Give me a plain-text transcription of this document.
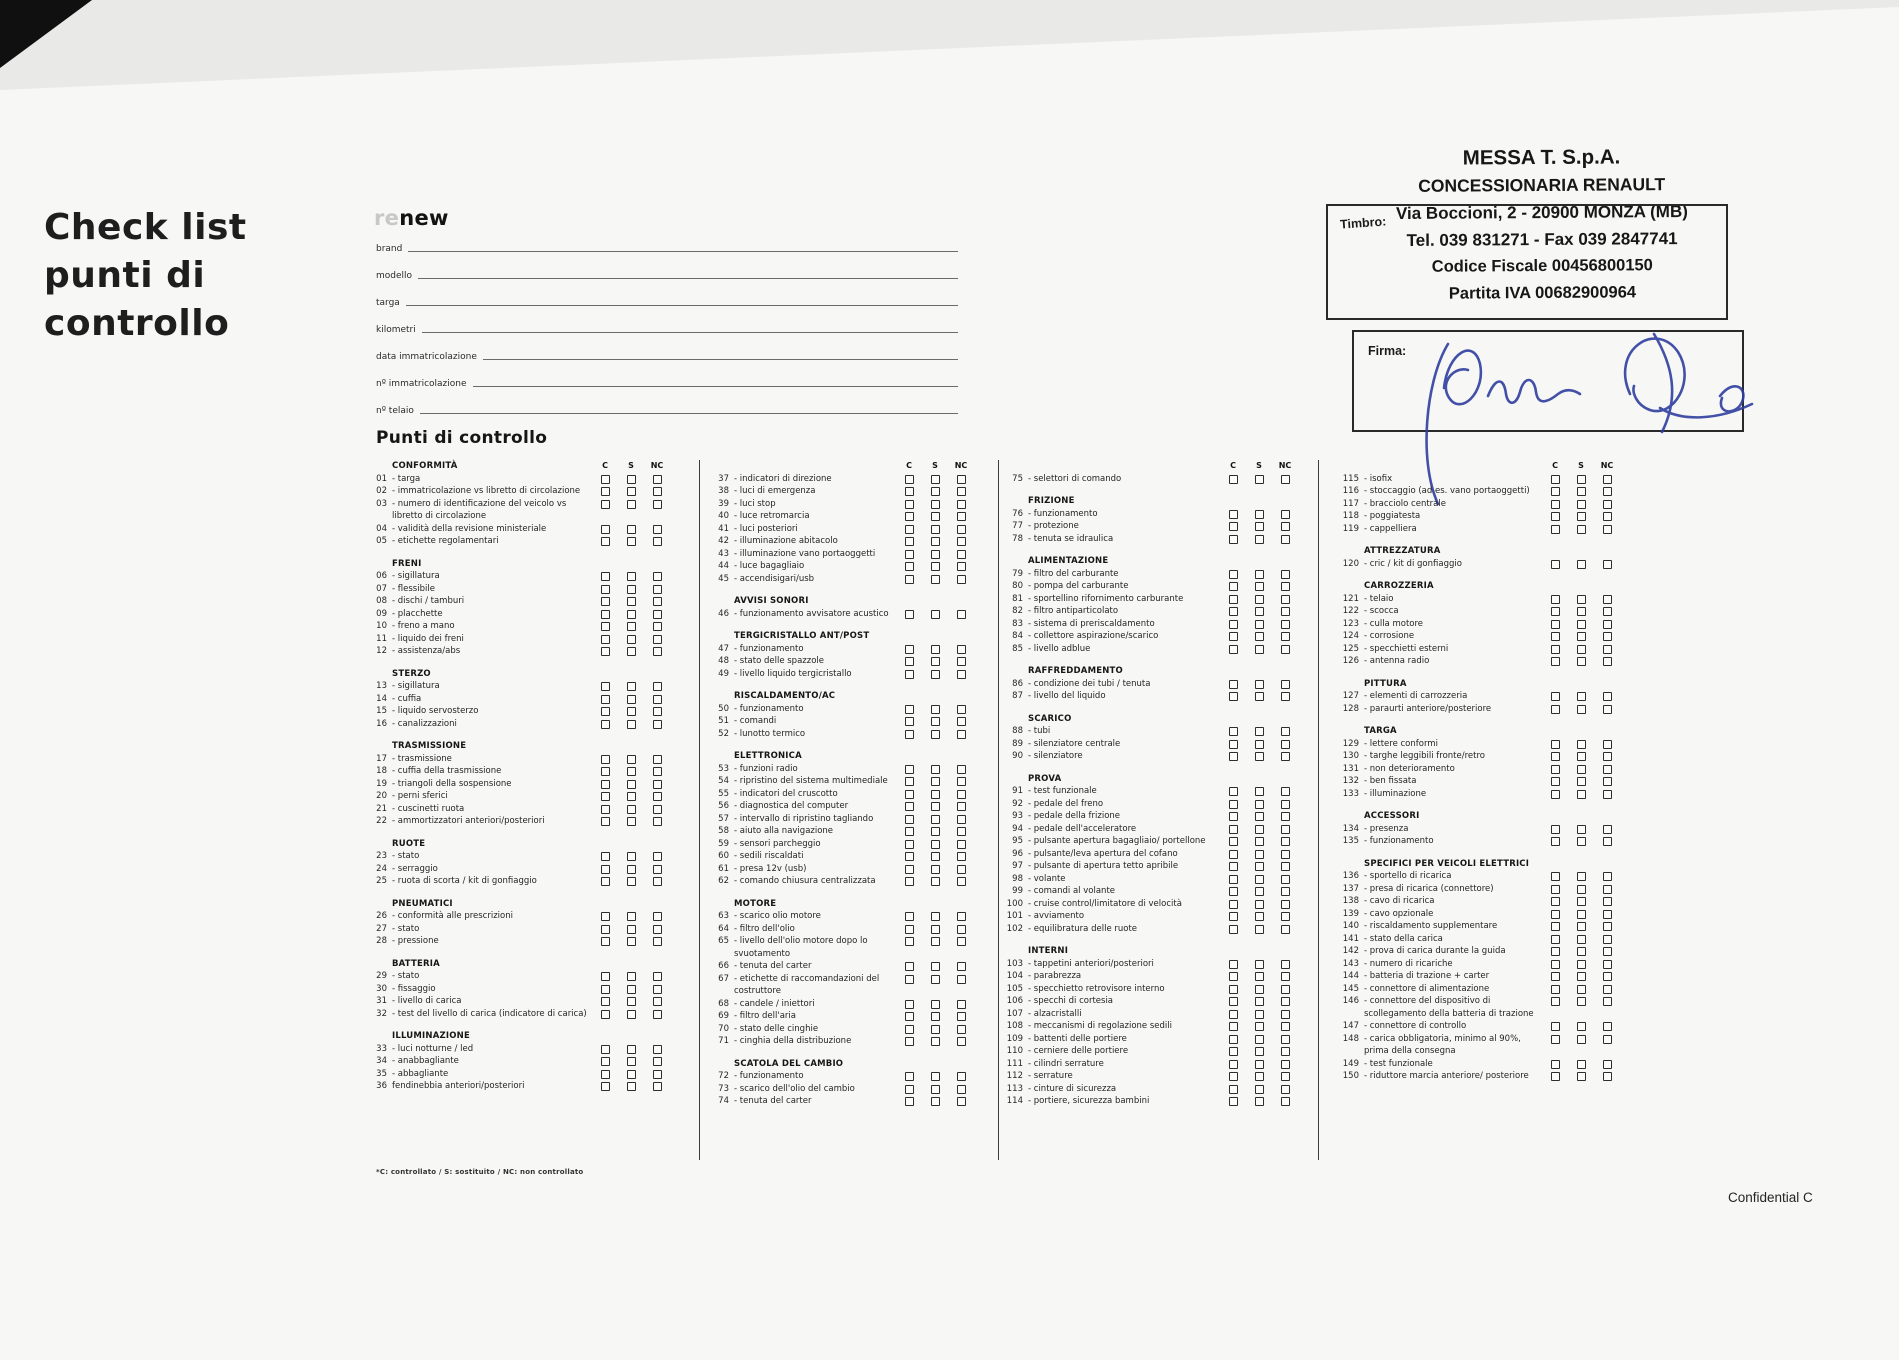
Check list
punti di
controllo
renew
brand
modello
targa
kilometri
data immatricolazione
nº immatricolazione
nº telaio
MESSA T. S.p.A.
CONCESSIONARIA RENAULT
Via Boccioni, 2 - 20900 MONZA (MB)
Tel. 039 831271 - Fax 039 2847741
Codice Fiscale 00456800150
Partita IVA 00682900964
Timbro:
Firma:
Punti di controllo
CONFORMITÀ	C	S	NC
01 - targa
02 - immatricolazione vs libretto di circolazione
03 - numero di identificazione del veicolo vs libretto di circolazione
04 - validità della revisione ministeriale
05 - etichette regolamentari
FRENI
06 - sigillatura
07 - flessibile
08 - dischi / tamburi
09 - placchette
10 - freno a mano
11 - liquido dei freni
12 - assistenza/abs
STERZO
13 - sigillatura
14 - cuffia
15 - liquido servosterzo
16 - canalizzazioni
TRASMISSIONE
17 - trasmissione
18 - cuffia della trasmissione
19 - triangoli della sospensione
20 - perni sferici
21 - cuscinetti ruota
22 - ammortizzatori anteriori/posteriori
RUOTE
23 - stato
24 - serraggio
25 - ruota di scorta / kit di gonfiaggio
PNEUMATICI
26 - conformità alle prescrizioni
27 - stato
28 - pressione
BATTERIA
29 - stato
30 - fissaggio
31 - livello di carica
32 - test del livello di carica (indicatore di carica)
ILLUMINAZIONE
33 - luci notturne / led
34 - anabbagliante
35 - abbagliante
36 fendinebbia anteriori/posteriori
C	S	NC
37 - indicatori di direzione
38 - luci di emergenza
39 - luci stop
40 - luce retromarcia
41 - luci posteriori
42 - illuminazione abitacolo
43 - illuminazione vano portaoggetti
44 - luce bagagliaio
45 - accendisigari/usb
AVVISI SONORI
46 - funzionamento avvisatore acustico
TERGICRISTALLO ANT/POST
47 - funzionamento
48 - stato delle spazzole
49 - livello liquido tergicristallo
RISCALDAMENTO/AC
50 - funzionamento
51 - comandi
52 - lunotto termico
ELETTRONICA
53 - funzioni radio
54 - ripristino del sistema multimediale
55 - indicatori del cruscotto
56 - diagnostica del computer
57 - intervallo di ripristino tagliando
58 - aiuto alla navigazione
59 - sensori parcheggio
60 - sedili riscaldati
61 - presa 12v (usb)
62 - comando chiusura centralizzata
MOTORE
63 - scarico olio motore
64 - filtro dell'olio
65 - livello dell'olio motore dopo lo svuotamento
66 - tenuta del carter
67 - etichette di raccomandazioni del costruttore
68 - candele / iniettori
69 - filtro dell'aria
70 - stato delle cinghie
71 - cinghia della distribuzione
SCATOLA DEL CAMBIO
72 - funzionamento
73 - scarico dell'olio del cambio
74 - tenuta del carter
C	S	NC
75 - selettori di comando
FRIZIONE
76 - funzionamento
77 - protezione
78 - tenuta se idraulica
ALIMENTAZIONE
79 - filtro del carburante
80 - pompa del carburante
81 - sportellino rifornimento carburante
82 - filtro antiparticolato
83 - sistema di preriscaldamento
84 - collettore aspirazione/scarico
85 - livello adblue
RAFFREDDAMENTO
86 - condizione dei tubi / tenuta
87 - livello del liquido
SCARICO
88 - tubi
89 - silenziatore centrale
90 - silenziatore
PROVA
91 - test funzionale
92 - pedale del freno
93 - pedale della frizione
94 - pedale dell'acceleratore
95 - pulsante apertura bagagliaio/ portellone
96 - pulsante/leva apertura del cofano
97 - pulsante di apertura tetto apribile
98 - volante
99 - comandi al volante
100 - cruise control/limitatore di velocità
101 - avviamento
102 - equilibratura delle ruote
INTERNI
103 - tappetini anteriori/posteriori
104 - parabrezza
105 - specchietto retrovisore interno
106 - specchi di cortesia
107 - alzacristalli
108 - meccanismi di regolazione sedili
109 - battenti delle portiere
110 - cerniere delle portiere
111 - cilindri serrature
112 - serrature
113 - cinture di sicurezza
114 - portiere, sicurezza bambini
C	S	NC
115 - isofix
116 - stoccaggio (ad es. vano portaoggetti)
117 - bracciolo centrale
118 - poggiatesta
119 - cappelliera
ATTREZZATURA
120 - cric / kit di gonfiaggio
CARROZZERIA
121 - telaio
122 - scocca
123 - culla motore
124 - corrosione
125 - specchietti esterni
126 - antenna radio
PITTURA
127 - elementi di carrozzeria
128 - paraurti anteriore/posteriore
TARGA
129 - lettere conformi
130 - targhe leggibili fronte/retro
131 - non deterioramento
132 - ben fissata
133 - illuminazione
ACCESSORI
134 - presenza
135 - funzionamento
SPECIFICI PER VEICOLI ELETTRICI
136 - sportello di ricarica
137 - presa di ricarica (connettore)
138 - cavo di ricarica
139 - cavo opzionale
140 - riscaldamento supplementare
141 - stato della carica
142 - prova di carica durante la guida
143 - numero di ricariche
144 - batteria di trazione + carter
145 - connettore di alimentazione
146 - connettore del dispositivo di scollegamento della batteria di trazione
147 - connettore di controllo
148 - carica obbligatoria, minimo al 90%, prima della consegna
149 - test funzionale
150 - riduttore marcia anteriore/ posteriore
*C: controllato / S: sostituito / NC: non controllato
Confidential C
